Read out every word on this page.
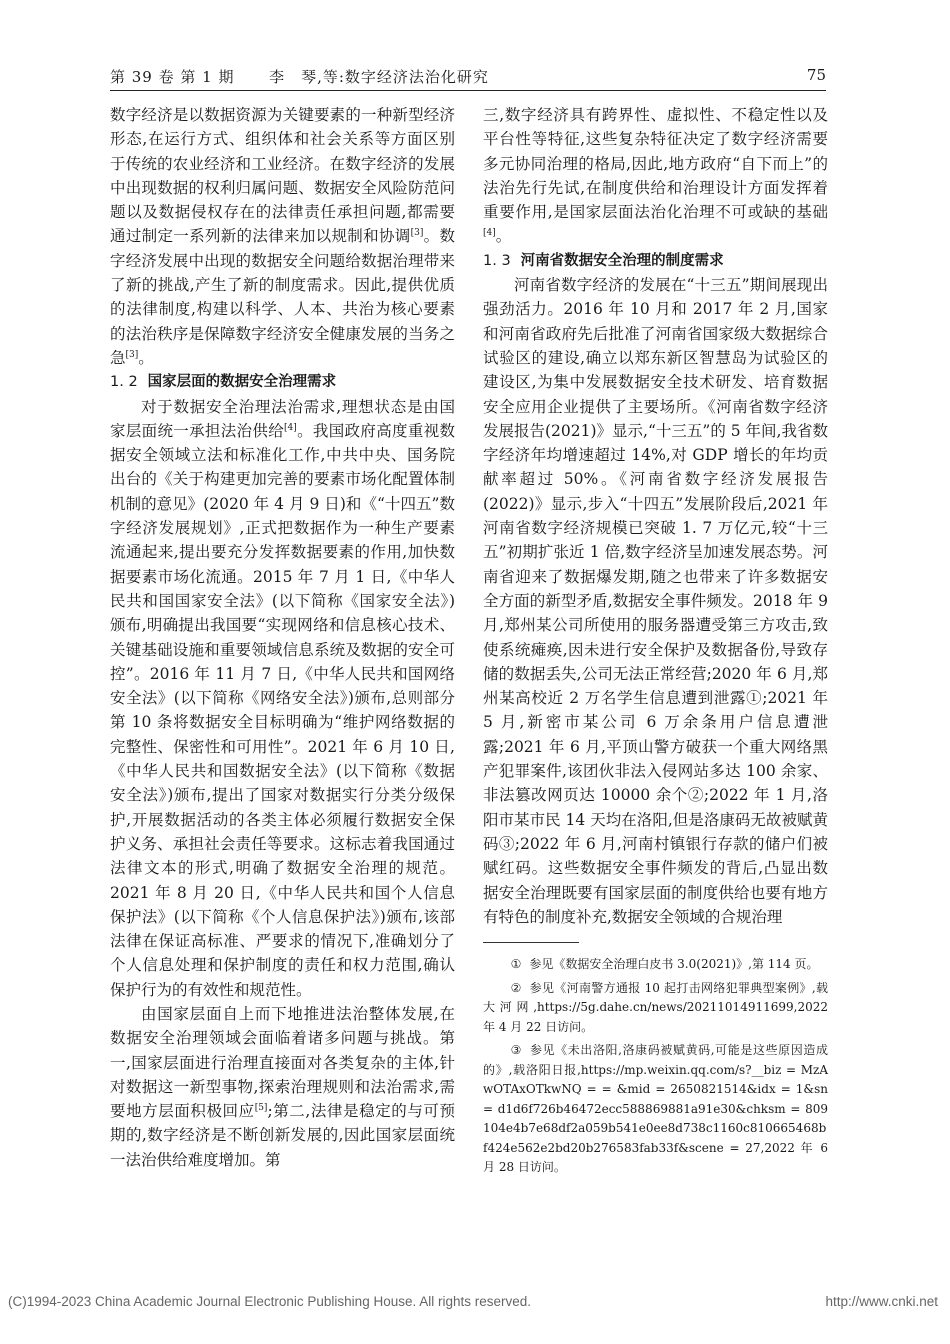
第 39 卷 第 1 期 李　琴,等:数字经济法治化研究	75

数字经济是以数据资源为关键要素的一种新型经济形态,在运行方式、组织体和社会关系等方面区别于传统的农业经济和工业经济。在数字经济的发展中出现数据的权利归属问题、数据安全风险防范问题以及数据侵权存在的法律责任承担问题,都需要通过制定一系列新的法律来加以规制和协调[3]。数字经济发展中出现的数据安全问题给数据治理带来了新的挑战,产生了新的制度需求。因此,提供优质的法律制度,构建以科学、人本、共治为核心要素的法治秩序是保障数字经济安全健康发展的当务之急[3]。

1. 2 国家层面的数据安全治理需求

对于数据安全治理法治需求,理想状态是由国家层面统一承担法治供给[4]。我国政府高度重视数据安全领域立法和标准化工作,中共中央、国务院出台的《关于构建更加完善的要素市场化配置体制机制的意见》(2020 年 4 月 9 日)和《“十四五”数字经济发展规划》,正式把数据作为一种生产要素流通起来,提出要充分发挥数据要素的作用,加快数据要素市场化流通。2015 年 7 月 1 日,《中华人民共和国国家安全法》(以下简称《国家安全法》)颁布,明确提出我国要“实现网络和信息核心技术、关键基础设施和重要领域信息系统及数据的安全可控”。2016 年 11 月 7 日,《中华人民共和国网络安全法》(以下简称《网络安全法》)颁布,总则部分第 10 条将数据安全目标明确为“维护网络数据的完整性、保密性和可用性”。2021 年 6 月 10 日,《中华人民共和国数据安全法》(以下简称《数据安全法》)颁布,提出了国家对数据实行分类分级保护,开展数据活动的各类主体必须履行数据安全保护义务、承担社会责任等要求。这标志着我国通过法律文本的形式,明确了数据安全治理的规范。2021 年 8 月 20 日,《中华人民共和国个人信息保护法》(以下简称《个人信息保护法》)颁布,该部法律在保证高标准、严要求的情况下,准确划分了个人信息处理和保护制度的责任和权力范围,确认保护行为的有效性和规范性。

由国家层面自上而下地推进法治整体发展,在数据安全治理领域会面临着诸多问题与挑战。第一,国家层面进行治理直接面对各类复杂的主体,针对数据这一新型事物,探索治理规则和法治需求,需要地方层面积极回应[5];第二,法律是稳定的与可预期的,数字经济是不断创新发展的,因此国家层面统一法治供给难度增加。第

三,数字经济具有跨界性、虚拟性、不稳定性以及平台性等特征,这些复杂特征决定了数字经济需要多元协同治理的格局,因此,地方政府“自下而上”的法治先行先试,在制度供给和治理设计方面发挥着重要作用,是国家层面法治化治理不可或缺的基础[4]。

1. 3 河南省数据安全治理的制度需求

河南省数字经济的发展在“十三五”期间展现出强劲活力。2016 年 10 月和 2017 年 2 月,国家和河南省政府先后批准了河南省国家级大数据综合试验区的建设,确立以郑东新区智慧岛为试验区的建设区,为集中发展数据安全技术研发、培育数据安全应用企业提供了主要场所。《河南省数字经济发展报告(2021)》显示,“十三五”的 5 年间,我省数字经济年均增速超过 14%,对 GDP 增长的年均贡献率超过 50%。《河南省数字经济发展报告(2022)》显示,步入“十四五”发展阶段后,2021 年河南省数字经济规模已突破 1. 7 万亿元,较“十三五”初期扩张近 1 倍,数字经济呈加速发展态势。河南省迎来了数据爆发期,随之也带来了许多数据安全方面的新型矛盾,数据安全事件频发。2018 年 9 月,郑州某公司所使用的服务器遭受第三方攻击,致使系统瘫痪,因未进行安全保护及数据备份,导致存储的数据丢失,公司无法正常经营;2020 年 6 月,郑州某高校近 2 万名学生信息遭到泄露①;2021 年 5 月,新密市某公司 6 万余条用户信息遭泄露;2021 年 6 月,平顶山警方破获一个重大网络黑产犯罪案件,该团伙非法入侵网站多达 100 余家、非法篡改网页达 10000 余个②;2022 年 1 月,洛阳市某市民 14 天均在洛阳,但是洛康码无故被赋黄码③;2022 年 6 月,河南村镇银行存款的储户们被赋红码。这些数据安全事件频发的背后,凸显出数据安全治理既要有国家层面的制度供给也要有地方有特色的制度补充,数据安全领域的合规治理

① 参见《数据安全治理白皮书 3.0(2021)》,第 114 页。

② 参见《河南警方通报 10 起打击网络犯罪典型案例》,载大河网,https://5g.dahe.cn/news/20211014911699,2022 年 4 月 22 日访问。

③ 参见《未出洛阳,洛康码被赋黄码,可能是这些原因造成的》,载洛阳日报,https://mp.weixin.qq.com/s?__biz = MzAwOTAxOTkwNQ = = &mid = 2650821514&idx = 1&sn = d1d6f726b46472ecc588869881a91e30&chksm = 809104e4b7e68df2a059b541e0ee8d738c1160c810665468bf424e562e2bd20b276583fab33f&scene = 27,2022 年 6 月 28 日访问。

(C)1994-2023 China Academic Journal Electronic Publishing House. All rights reserved.	http://www.cnki.net
